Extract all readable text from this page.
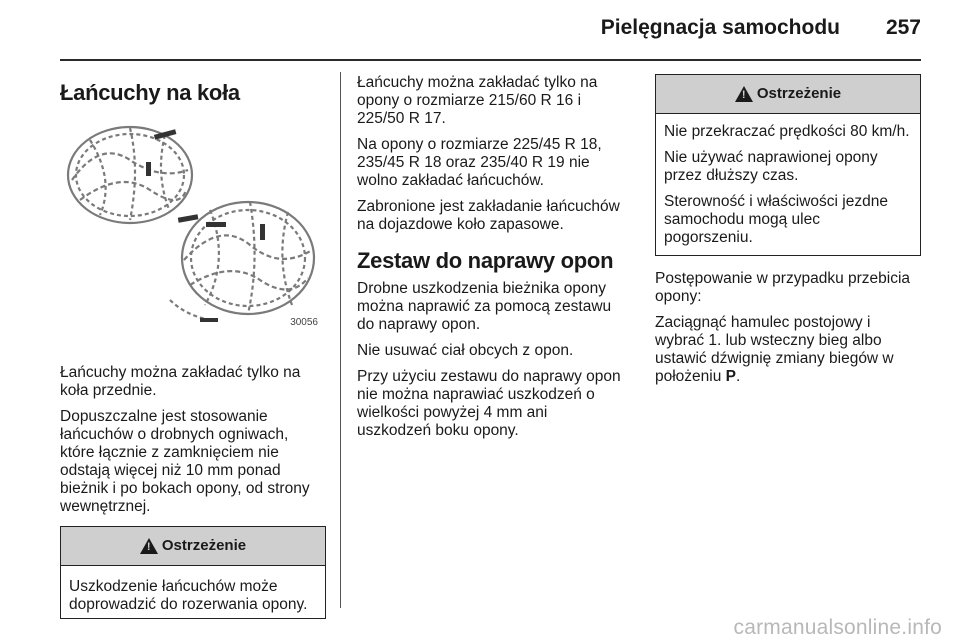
Pielęgnacja samochodu 257
Łańcuchy na koła
30056

Łańcuchy można zakładać tylko na koła przednie.

Dopuszczalne jest stosowanie łańcuchów o drobnych ogniwach, które łącznie z zamknięciem nie odstają więcej niż 10 mm ponad bieżnik i po bokach opony, od strony wewnętrznej.

! Ostrzeżenie

Uszkodzenie łańcuchów może doprowadzić do rozerwania opony.

Łańcuchy można zakładać tylko na opony o rozmiarze 215/60 R 16 i 225/50 R 17.

Na opony o rozmiarze 225/45 R 18, 235/45 R 18 oraz 235/40 R 19 nie wolno zakładać łańcuchów.

Zabronione jest zakładanie łańcuchów na dojazdowe koło zapasowe.

Zestaw do naprawy opon

Drobne uszkodzenia bieżnika opony można naprawić za pomocą zestawu do naprawy opon.

Nie usuwać ciał obcych z opon.

Przy użyciu zestawu do naprawy opon nie można naprawiać uszkodzeń o wielkości powyżej 4 mm ani uszkodzeń boku opony.

! Ostrzeżenie

Nie przekraczać prędkości 80 km/h.

Nie używać naprawionej opony przez dłuższy czas.

Sterowność i właściwości jezdne samochodu mogą ulec pogorszeniu.

Postępowanie w przypadku przebicia opony:

Zaciągnąć hamulec postojowy i wybrać 1. lub wsteczny bieg albo ustawić dźwignię zmiany biegów w położeniu P.

carmanualsonline.info
